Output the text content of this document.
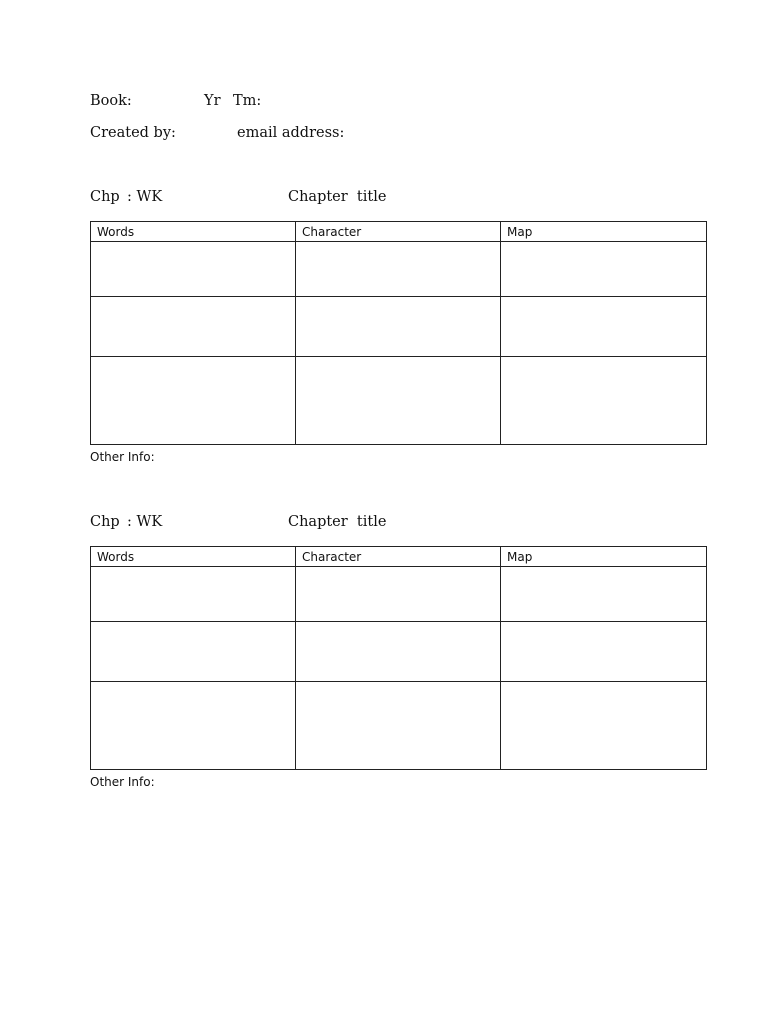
Book:	Yr Tm:
Created by:	email address:
Chp : WK	Chapter  title
Words	Character	Map

Other Info:
Chp : WK	Chapter  title
Words	Character	Map

Other Info:
